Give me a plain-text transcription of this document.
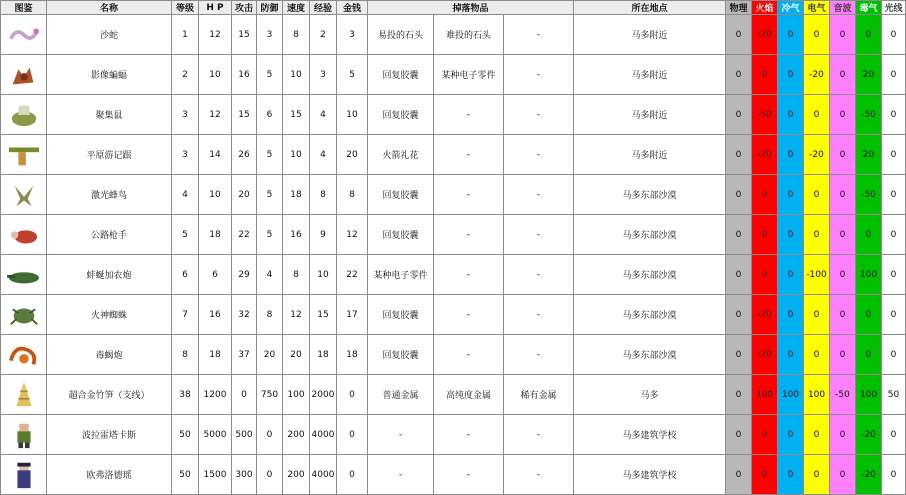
图鉴	名称	等级	H P	攻击	防御	速度	经验	金钱	掉落物品			所在地点	物理	火焰	冷气	电气	音波	毒气	光线

	沙蛇	1	12	15	3	8	2	3	易投的石头	难投的石头	-	马多附近	0	-20	0	0	0	0	0

	影像蝙蝠	2	10	16	5	10	3	5	回复胶囊	某种电子零件	-	马多附近	0	0	0	-20	0	20	0

	聚集鼠	3	12	15	6	15	4	10	回复胶囊	-	-	马多附近	0	-50	0	0	0	-50	0

	平原游记跟	3	14	26	5	10	4	20	火箭礼花	-	-	马多附近	0	-20	0	-20	0	20	0

	激光蜂鸟	4	10	20	5	18	8	8	回复胶囊	-	-	马多东部沙漠	0	0	0	0	0	-50	0

	公路枪手	5	18	22	5	16	9	12	回复胶囊	-	-	马多东部沙漠	0	0	0	0	0	0	0

	蚌蜒加农炮	6	6	29	4	8	10	22	某种电子零件	-	-	马多东部沙漠	0	0	0	-100	0	100	0

	火神蜘蛛	7	16	32	8	12	15	17	回复胶囊	-	-	马多东部沙漠	0	-20	0	0	0	0	0

	毒蝎炮	8	18	37	20	20	18	18	回复胶囊	-	-	马多东部沙漠	0	-20	0	0	0	0	0

	超合金竹笋（支线）	38	1200	0	750	100	2000	0	普通金属	高纯度金属	稀有金属	马多	0	100	100	100	-50	100	50

	波拉雷塔卡斯	50	5000	500	0	200	4000	0	-	-	-	马多建筑学校	0	0	0	0	0	-20	0

	欧弗洛德瑶	50	1500	300	0	200	4000	0	-	-	-	马多建筑学校	0	0	0	0	0	-20	0
